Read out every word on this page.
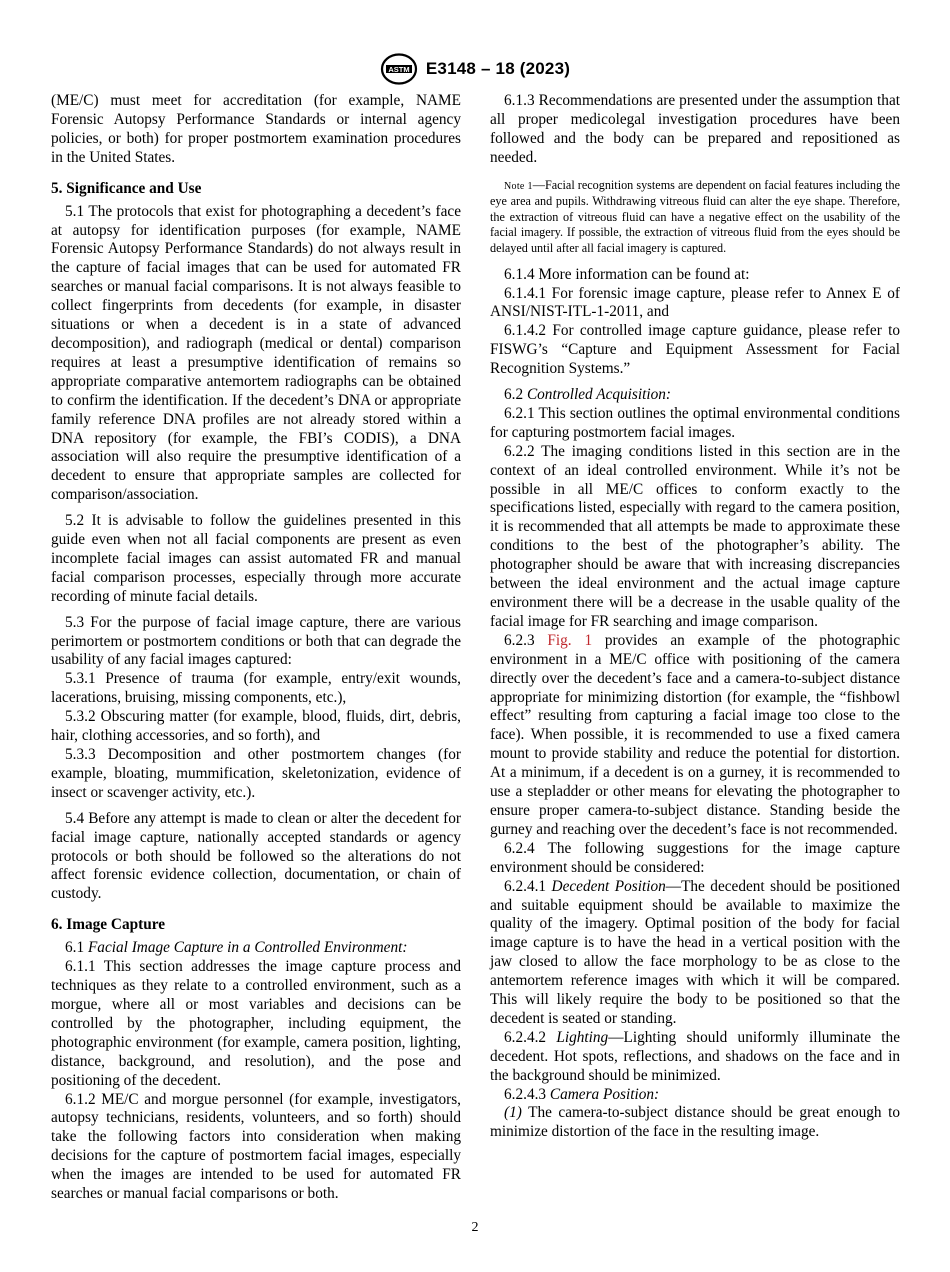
ASTM E3148 – 18 (2023)

(ME/C) must meet for accreditation (for example, NAME Forensic Autopsy Performance Standards or internal agency policies, or both) for proper postmortem examination procedures in the United States.

5. Significance and Use

5.1 The protocols that exist for photographing a decedent’s face at autopsy for identification purposes (for example, NAME Forensic Autopsy Performance Standards) do not always result in the capture of facial images that can be used for automated FR searches or manual facial comparisons. It is not always feasible to collect fingerprints from decedents (for example, in disaster situations or when a decedent is in a state of advanced decomposition), and radiograph (medical or dental) comparison requires at least a presumptive identification of remains so appropriate comparative antemortem radiographs can be obtained to confirm the identification. If the decedent’s DNA or appropriate family reference DNA profiles are not already stored within a DNA repository (for example, the FBI’s CODIS), a DNA association will also require the presumptive identification of a decedent to ensure that appropriate samples are collected for comparison/association.

5.2 It is advisable to follow the guidelines presented in this guide even when not all facial components are present as even incomplete facial images can assist automated FR and manual facial comparison processes, especially through more accurate recording of minute facial details.

5.3 For the purpose of facial image capture, there are various perimortem or postmortem conditions or both that can degrade the usability of any facial images captured:

5.3.1 Presence of trauma (for example, entry/exit wounds, lacerations, bruising, missing components, etc.),

5.3.2 Obscuring matter (for example, blood, fluids, dirt, debris, hair, clothing accessories, and so forth), and

5.3.3 Decomposition and other postmortem changes (for example, bloating, mummification, skeletonization, evidence of insect or scavenger activity, etc.).

5.4 Before any attempt is made to clean or alter the decedent for facial image capture, nationally accepted standards or agency protocols or both should be followed so the alterations do not affect forensic evidence collection, documentation, or chain of custody.

6. Image Capture

6.1 Facial Image Capture in a Controlled Environment:

6.1.1 This section addresses the image capture process and techniques as they relate to a controlled environment, such as a morgue, where all or most variables and decisions can be controlled by the photographer, including equipment, the photographic environment (for example, camera position, lighting, distance, background, and resolution), and the pose and positioning of the decedent.

6.1.2 ME/C and morgue personnel (for example, investigators, autopsy technicians, residents, volunteers, and so forth) should take the following factors into consideration when making decisions for the capture of postmortem facial images, especially when the images are intended to be used for automated FR searches or manual facial comparisons or both.

6.1.3 Recommendations are presented under the assumption that all proper medicolegal investigation procedures have been followed and the body can be prepared and repositioned as needed.

Note 1—Facial recognition systems are dependent on facial features including the eye area and pupils. Withdrawing vitreous fluid can alter the eye shape. Therefore, the extraction of vitreous fluid can have a negative effect on the usability of the facial imagery. If possible, the extraction of vitreous fluid from the eyes should be delayed until after all facial imagery is captured.

6.1.4 More information can be found at:

6.1.4.1 For forensic image capture, please refer to Annex E of ANSI/NIST-ITL-1-2011, and

6.1.4.2 For controlled image capture guidance, please refer to FISWG’s “Capture and Equipment Assessment for Facial Recognition Systems.”

6.2 Controlled Acquisition:

6.2.1 This section outlines the optimal environmental conditions for capturing postmortem facial images.

6.2.2 The imaging conditions listed in this section are in the context of an ideal controlled environment. While it’s not be possible in all ME/C offices to conform exactly to the specifications listed, especially with regard to the camera position, it is recommended that all attempts be made to approximate these conditions to the best of the photographer’s ability. The photographer should be aware that with increasing discrepancies between the ideal environment and the actual image capture environment there will be a decrease in the usable quality of the facial image for FR searching and image comparison.

6.2.3 Fig. 1 provides an example of the photographic environment in a ME/C office with positioning of the camera directly over the decedent’s face and a camera-to-subject distance appropriate for minimizing distortion (for example, the “fishbowl effect” resulting from capturing a facial image too close to the face). When possible, it is recommended to use a fixed camera mount to provide stability and reduce the potential for distortion. At a minimum, if a decedent is on a gurney, it is recommended to use a stepladder or other means for elevating the photographer to ensure proper camera-to-subject distance. Standing beside the gurney and reaching over the decedent’s face is not recommended.

6.2.4 The following suggestions for the image capture environment should be considered:

6.2.4.1 Decedent Position—The decedent should be positioned and suitable equipment should be available to maximize the quality of the imagery. Optimal position of the body for facial image capture is to have the head in a vertical position with the jaw closed to allow the face morphology to be as close to the antemortem reference images with which it will be compared. This will likely require the body to be positioned so that the decedent is seated or standing.

6.2.4.2 Lighting—Lighting should uniformly illuminate the decedent. Hot spots, reflections, and shadows on the face and in the background should be minimized.

6.2.4.3 Camera Position:

(1) The camera-to-subject distance should be great enough to minimize distortion of the face in the resulting image.

2
